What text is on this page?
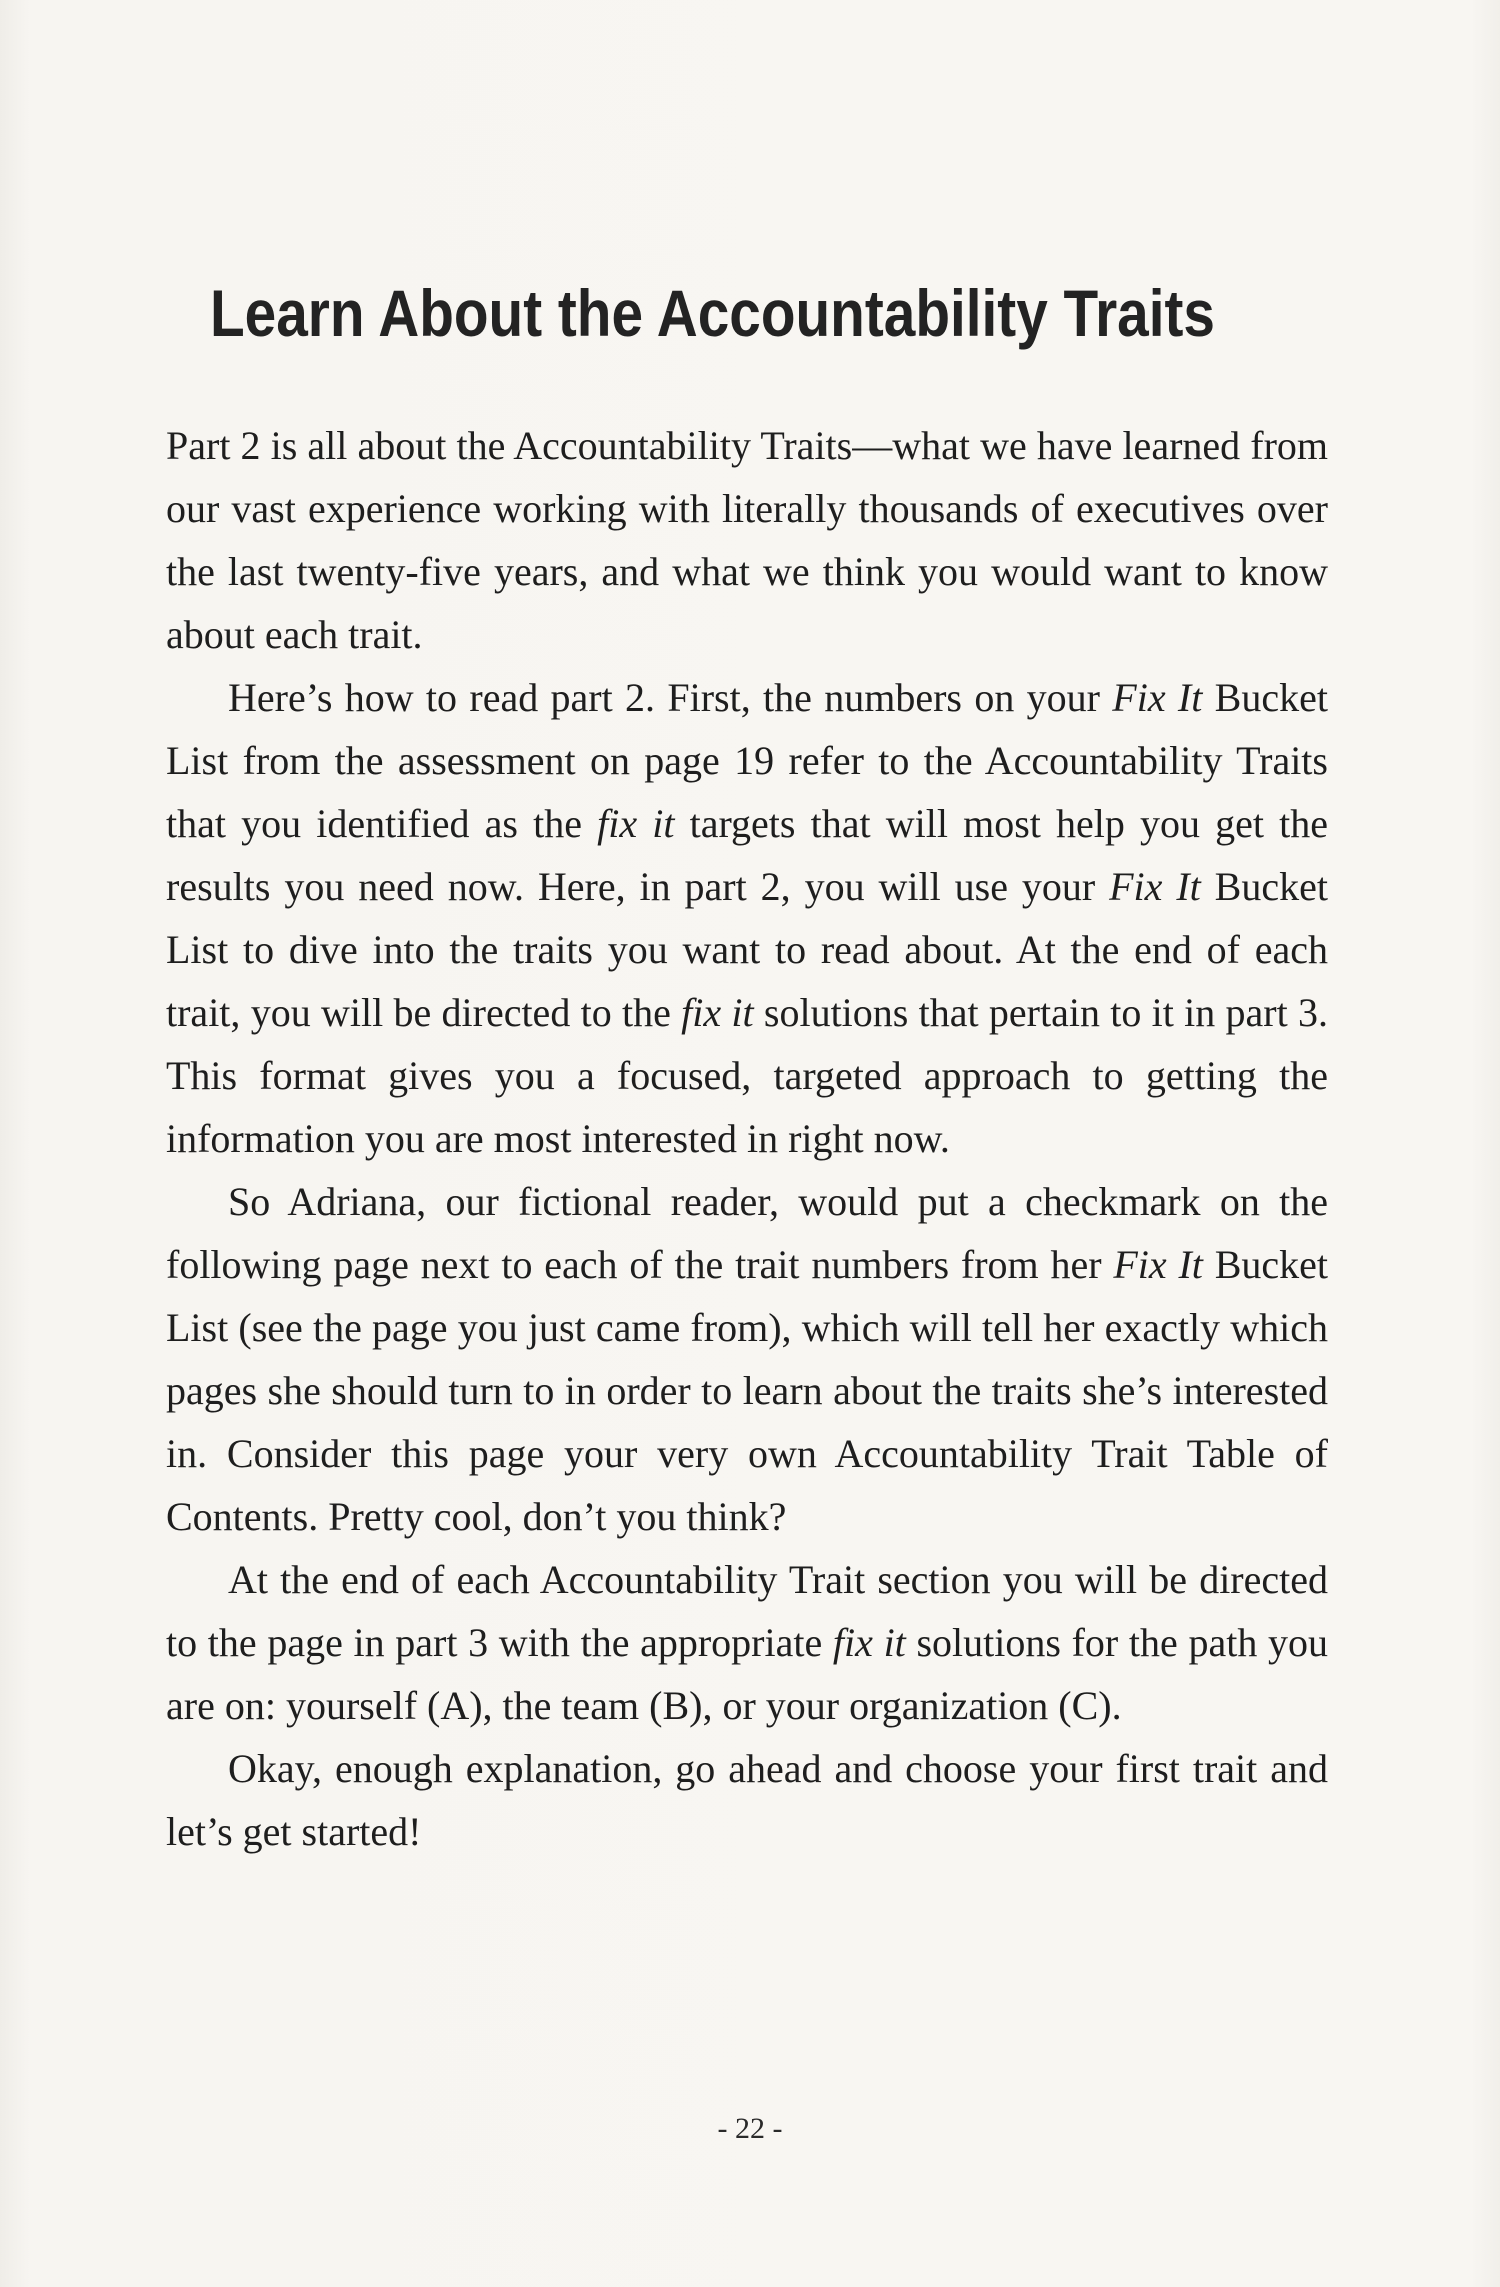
Learn About the Accountability Traits

Part 2 is all about the Accountability Traits—what we have learned from our vast experience working with literally thousands of executives over the last twenty-five years, and what we think you would want to know about each trait.

Here’s how to read part 2. First, the numbers on your Fix It Bucket List from the assessment on page 19 refer to the Accountability Traits that you identified as the fix it targets that will most help you get the results you need now. Here, in part 2, you will use your Fix It Bucket List to dive into the traits you want to read about. At the end of each trait, you will be directed to the fix it solutions that pertain to it in part 3. This format gives you a focused, targeted approach to getting the information you are most interested in right now.

So Adriana, our fictional reader, would put a checkmark on the following page next to each of the trait numbers from her Fix It Bucket List (see the page you just came from), which will tell her exactly which pages she should turn to in order to learn about the traits she’s interested in. Consider this page your very own Accountability Trait Table of Contents. Pretty cool, don’t you think?

At the end of each Accountability Trait section you will be directed to the page in part 3 with the appropriate fix it solutions for the path you are on: yourself (A), the team (B), or your organization (C).

Okay, enough explanation, go ahead and choose your first trait and let’s get started!

- 22 -
